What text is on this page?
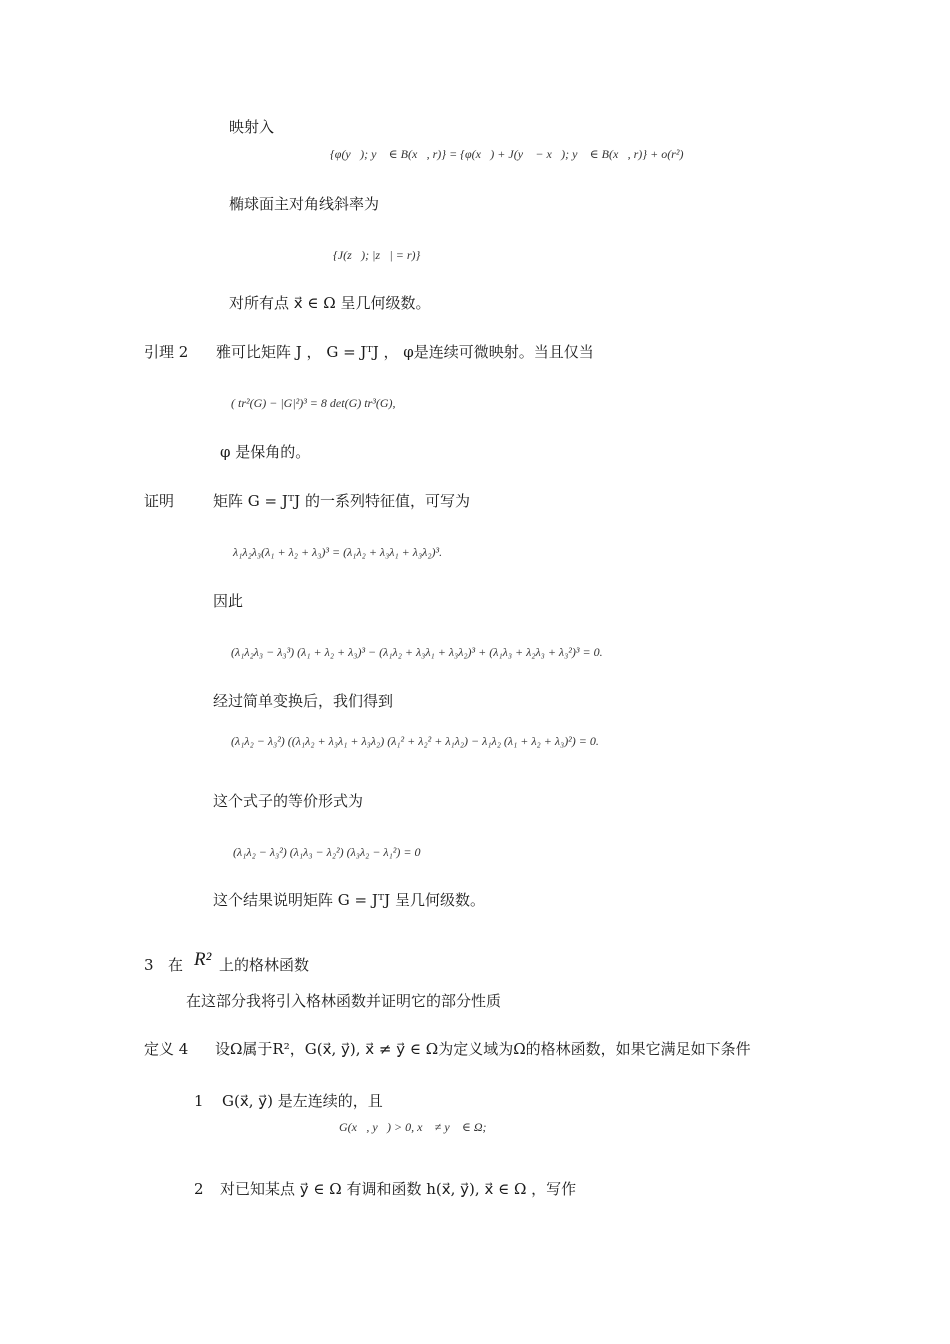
映射入
{φ(y⃗); y⃗ ∈ B(x⃗, r)} = {φ(x⃗) + J(y⃗ − x⃗); y⃗ ∈ B(x⃗, r)} + o(r²)
椭球面主对角线斜率为
{J(z⃗); |z⃗| = r)}
对所有点 x⃗ ∈ Ω 呈几何级数。
引理 2 雅可比矩阵 J ， G = JᵀJ ， φ是连续可微映射。当且仅当
( tr²(G) − |G|²)³ = 8 det(G) tr³(G),
φ 是保角的。
证明	矩阵 G = JᵀJ 的一系列特征值，可写为
λ₁λ₂λ₃(λ₁ + λ₂ + λ₃)³ = (λ₁λ₂ + λ₃λ₁ + λ₃λ₂)³.
因此
(λ₁λ₂λ₃ − λ₃³) (λ₁ + λ₂ + λ₃)³ − (λ₁λ₂ + λ₃λ₁ + λ₃λ₂)³ + (λ₁λ₃ + λ₂λ₃ + λ₃²)³ = 0.
经过简单变换后，我们得到
(λ₁λ₂ − λ₃²) ((λ₁λ₂ + λ₃λ₁ + λ₃λ₂) (λ₁² + λ₂² + λ₁λ₂) − λ₁λ₂ (λ₁ + λ₂ + λ₃)²) = 0.
这个式子的等价形式为
(λ₁λ₂ − λ₃²) (λ₁λ₃ − λ₂²) (λ₃λ₂ − λ₁²) = 0
这个结果说明矩阵 G = JᵀJ 呈几何级数。
3 在 R² 上的格林函数
在这部分我将引入格林函数并证明它的部分性质
定义 4 设Ω属于R²，G(x⃗, y⃗), x⃗ ≠ y⃗ ∈ Ω为定义域为Ω的格林函数，如果它满足如下条件
1 G(x⃗, y⃗) 是左连续的，且
G(x⃗, y⃗) > 0, x⃗ ≠ y⃗ ∈ Ω;
2 对已知某点 y⃗ ∈ Ω 有调和函数 h(x⃗, y⃗), x⃗ ∈ Ω ，写作
